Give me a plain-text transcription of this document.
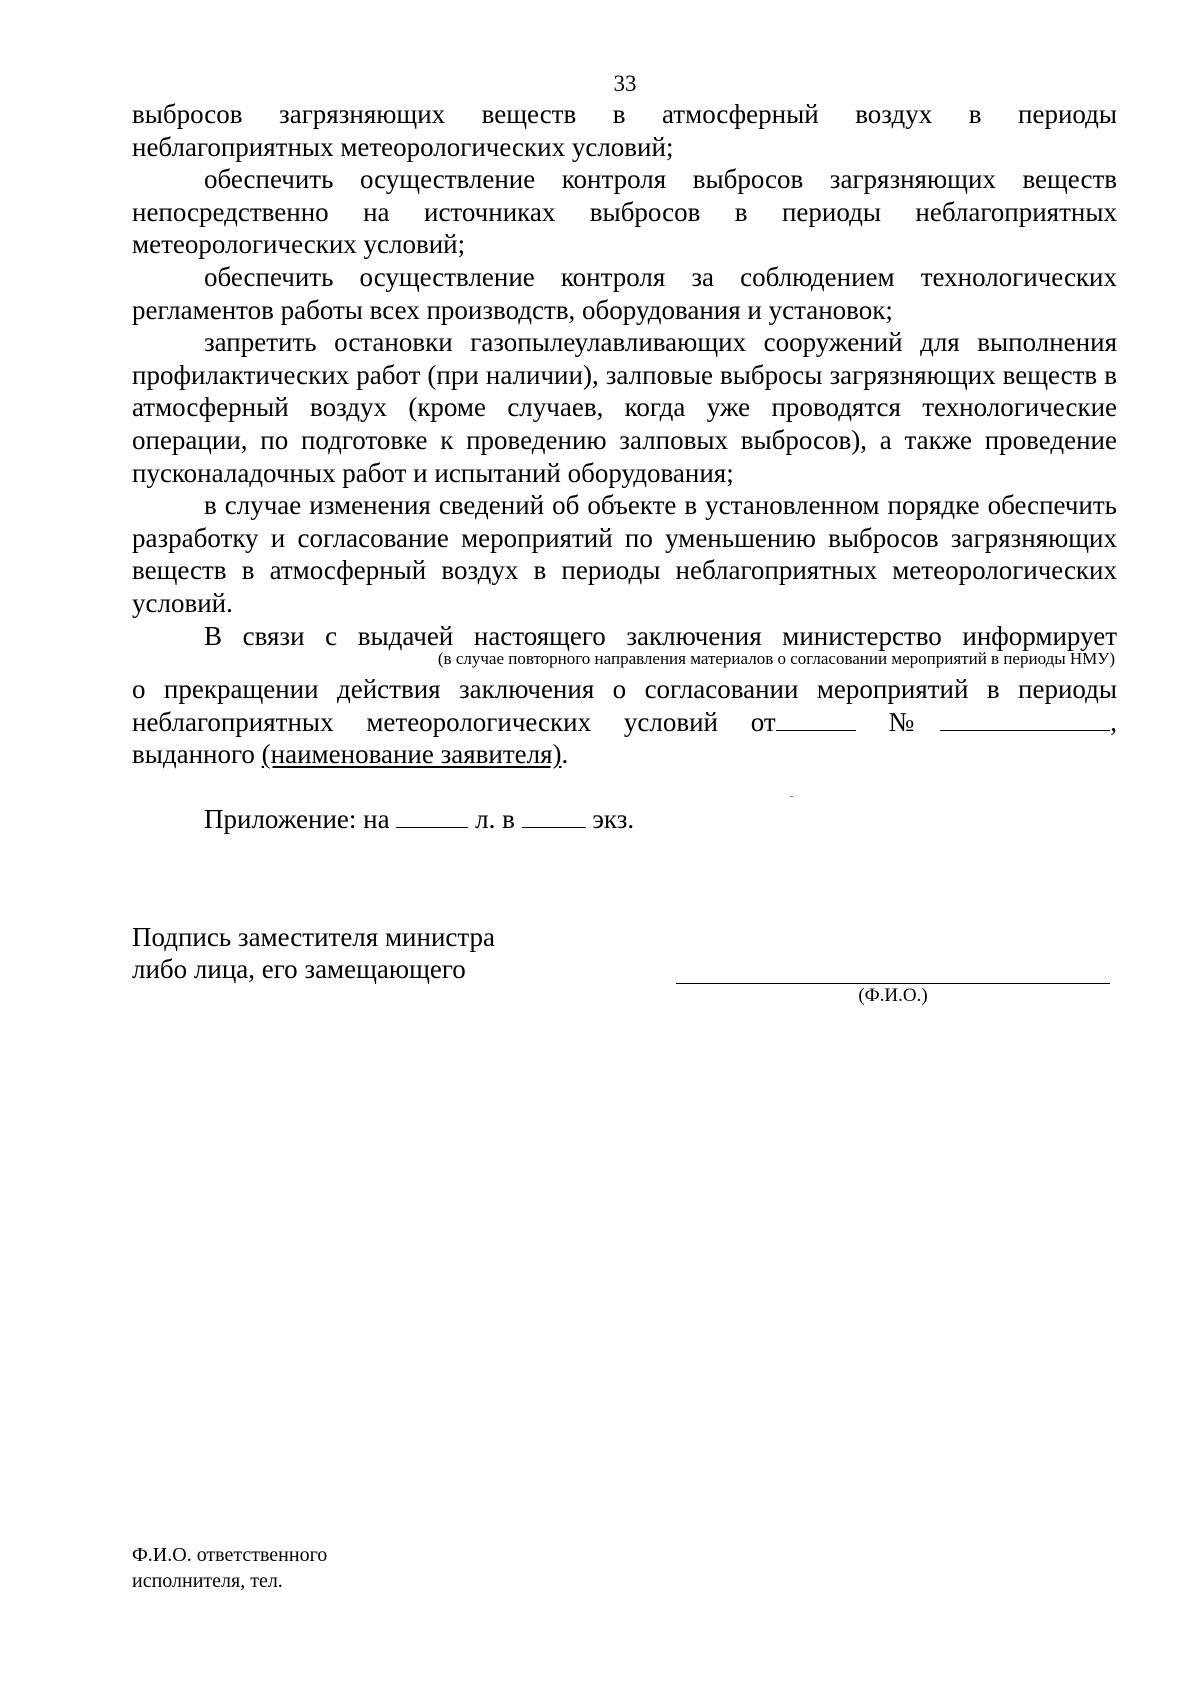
33

выбросов загрязняющих веществ в атмосферный воздух в периоды

неблагоприятных метеорологических условий;

обеспечить осуществление контроля выбросов загрязняющих веществ непосредственно на источниках выбросов в периоды неблагоприятных метеорологических условий;

обеспечить осуществление контроля за соблюдением технологических регламентов работы всех производств, оборудования и установок;

запретить остановки газопылеулавливающих сооружений для выполнения профилактических работ (при наличии), залповые выбросы загрязняющих веществ в атмосферный воздух (кроме случаев, когда уже проводятся технологические операции, по подготовке к проведению залповых выбросов), а также проведение пусконаладочных работ и испытаний оборудования;

в случае изменения сведений об объекте в установленном порядке обеспечить разработку и согласование мероприятий по уменьшению выбросов загрязняющих веществ в атмосферный воздух в периоды неблагоприятных метеорологических условий.

В связи с выдачей настоящего заключения министерство информирует

(в случае повторного направления материалов о согласовании мероприятий в периоды НМУ)

о прекращении действия заключения о согласовании мероприятий в периоды

неблагоприятных метеорологических условий от	№	,

выданного (наименование заявителя).

Приложение: на	л. в	экз.
Подпись заместителя министра
либо лица, его замещающего
(Ф.И.О.)
Ф.И.О. ответственного
исполнителя, тел.
